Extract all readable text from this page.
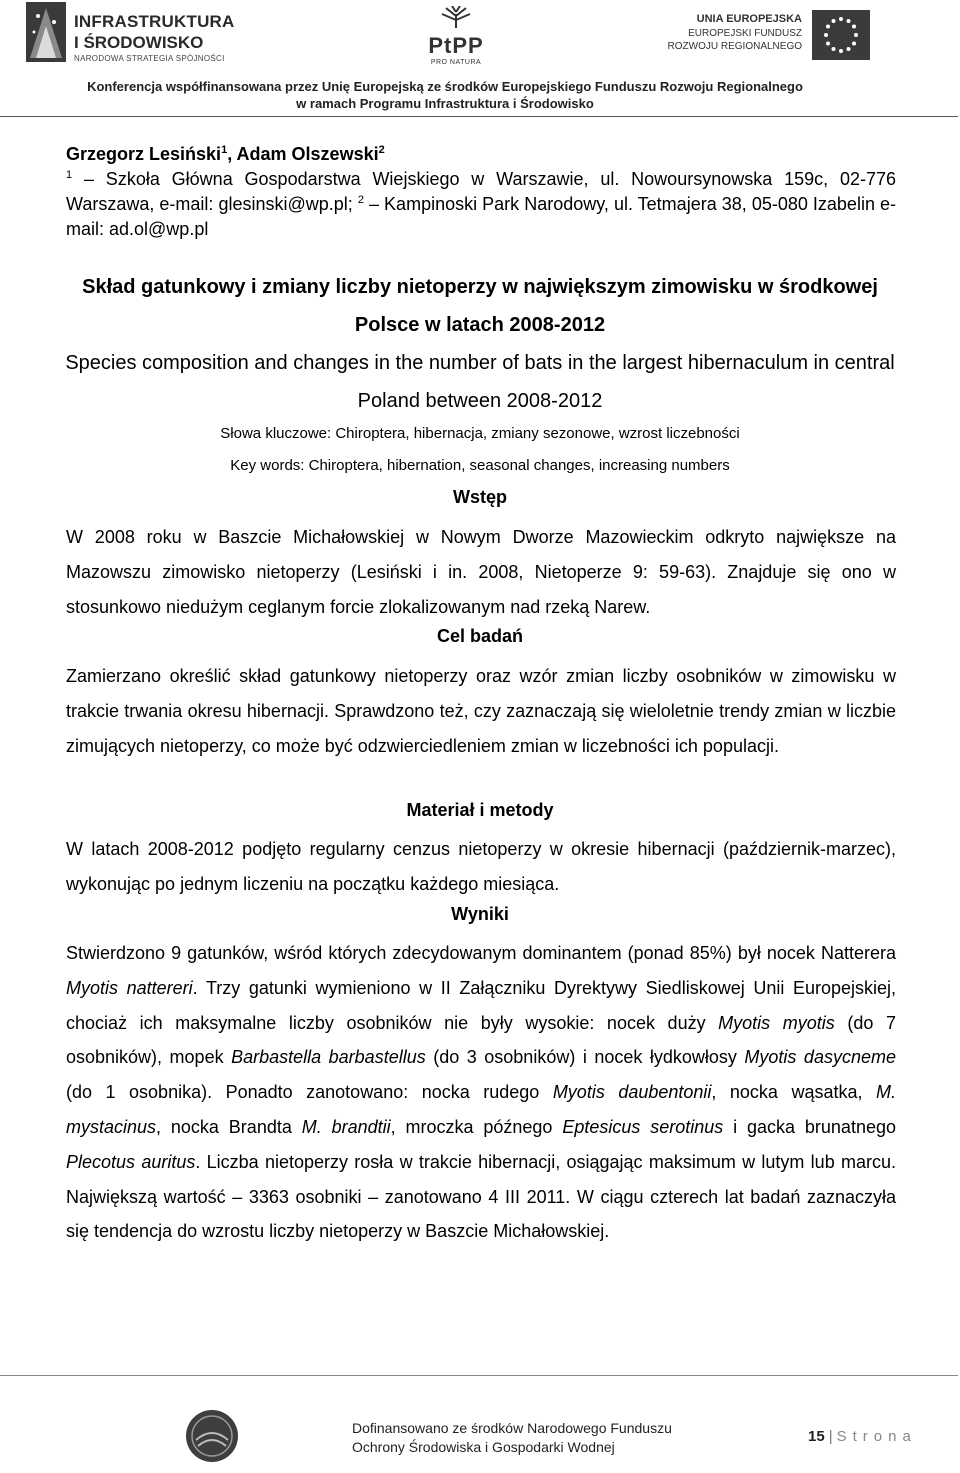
INFRASTRUKTURA
I ŚRODOWISKO
NARODOWA STRATEGIA SPÓJNOŚCI
PtPP
PRO NATURA
UNIA EUROPEJSKA
EUROPEJSKI FUNDUSZ
ROZWOJU REGIONALNEGO
Konferencja współfinansowana przez Unię Europejską ze środków Europejskiego Funduszu Rozwoju Regionalnego
w ramach Programu Infrastruktura i Środowisko
Grzegorz Lesiński$^1$, Adam Olszewski$^2$
$^1$ – Szkoła Główna Gospodarstwa Wiejskiego w Warszawie, ul. Nowoursynowska 159c, 02-776 Warszawa, e-mail: glesinski@wp.pl; $^2$ – Kampinoski Park Narodowy, ul. Tetmajera 38, 05-080 Izabelin e-mail: ad.ol@wp.pl
Skład gatunkowy i zmiany liczby nietoperzy w największym zimowisku w środkowej Polsce w latach 2008-2012
Species composition and changes in the number of bats in the largest hibernaculum in central Poland between 2008-2012
Słowa kluczowe: Chiroptera, hibernacja, zmiany sezonowe, wzrost liczebności
Key words: Chiroptera, hibernation, seasonal changes, increasing numbers
Wstęp
W 2008 roku w Baszcie Michałowskiej w Nowym Dworze Mazowieckim odkryto największe na Mazowszu zimowisko nietoperzy (Lesiński i in. 2008, Nietoperze 9: 59-63). Znajduje się ono w stosunkowo niedużym ceglanym forcie zlokalizowanym nad rzeką Narew.
Cel badań
Zamierzano określić skład gatunkowy nietoperzy oraz wzór zmian liczby osobników w zimowisku w trakcie trwania okresu hibernacji. Sprawdzono też, czy zaznaczają się wieloletnie trendy zmian w liczbie zimujących nietoperzy, co może być odzwierciedleniem zmian w liczebności ich populacji.
Materiał i metody
W latach 2008-2012 podjęto regularny cenzus nietoperzy w okresie hibernacji (październik-marzec), wykonując po jednym liczeniu na początku każdego miesiąca.
Wyniki
Stwierdzono 9 gatunków, wśród których zdecydowanym dominantem (ponad 85%) był nocek Natterera Myotis nattereri. Trzy gatunki wymieniono w II Załączniku Dyrektywy Siedliskowej Unii Europejskiej, chociaż ich maksymalne liczby osobników nie były wysokie: nocek duży Myotis myotis (do 7 osobników), mopek Barbastella barbastellus (do 3 osobników) i nocek łydkowłosy Myotis dasycneme (do 1 osobnika). Ponadto zanotowano: nocka rudego Myotis daubentonii, nocka wąsatka, M. mystacinus, nocka Brandta M. brandtii, mroczka późnego Eptesicus serotinus i gacka brunatnego Plecotus auritus. Liczba nietoperzy rosła w trakcie hibernacji, osiągając maksimum w lutym lub marcu. Największą wartość – 3363 osobniki – zanotowano 4 III 2011. W ciągu czterech lat badań zaznaczyła się tendencja do wzrostu liczby nietoperzy w Baszcie Michałowskiej.
Dofinansowano ze środków Narodowego Funduszu
Ochrony Środowiska i Gospodarki Wodnej
15 | Strona
